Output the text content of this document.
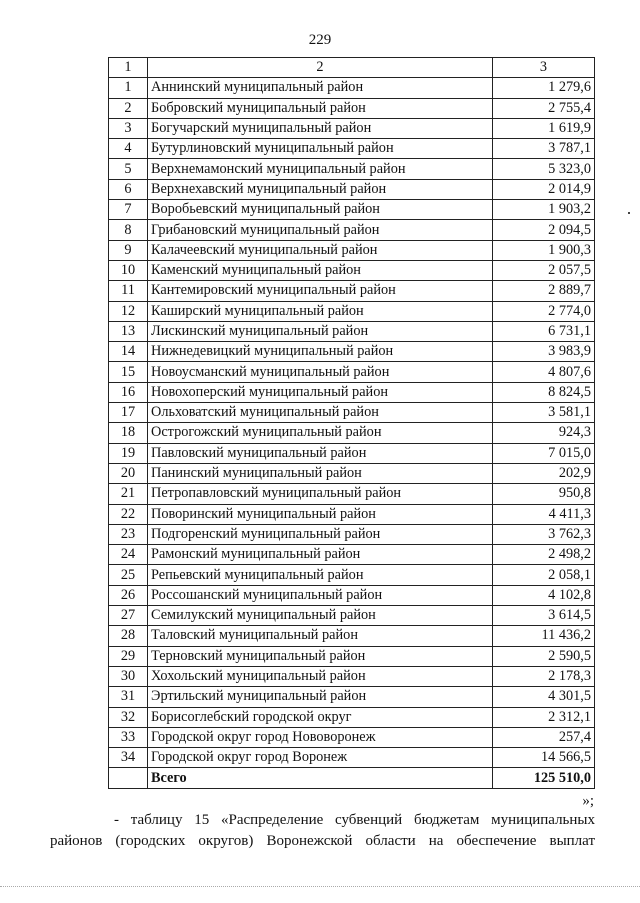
229
1	2	3
1	Аннинский муниципальный район	1 279,6
2	Бобровский муниципальный район	2 755,4
3	Богучарский муниципальный район	1 619,9
4	Бутурлиновский муниципальный район	3 787,1
5	Верхнемамонский муниципальный район	5 323,0
6	Верхнехавский муниципальный район	2 014,9
7	Воробьевский муниципальный район	1 903,2
8	Грибановский муниципальный район	2 094,5
9	Калачеевский муниципальный район	1 900,3
10	Каменский муниципальный район	2 057,5
11	Кантемировский муниципальный район	2 889,7
12	Каширский муниципальный район	2 774,0
13	Лискинский муниципальный район	6 731,1
14	Нижнедевицкий муниципальный район	3 983,9
15	Новоусманский муниципальный район	4 807,6
16	Новохоперский муниципальный район	8 824,5
17	Ольховатский муниципальный район	3 581,1
18	Острогожский муниципальный район	924,3
19	Павловский муниципальный район	7 015,0
20	Панинский муниципальный район	202,9
21	Петропавловский муниципальный район	950,8
22	Поворинский муниципальный район	4 411,3
23	Подгоренский муниципальный район	3 762,3
24	Рамонский муниципальный район	2 498,2
25	Репьевский муниципальный район	2 058,1
26	Россошанский муниципальный район	4 102,8
27	Семилукский муниципальный район	3 614,5
28	Таловский муниципальный район	11 436,2
29	Терновский муниципальный район	2 590,5
30	Хохольский муниципальный район	2 178,3
31	Эртильский муниципальный район	4 301,5
32	Борисоглебский городской округ	2 312,1
33	Городской округ город Нововоронеж	257,4
34	Городской округ город Воронеж	14 566,5
	Всего	125 510,0
»;
- таблицу 15 «Распределение субвенций бюджетам муниципальных
районов (городских округов) Воронежской области на обеспечение выплат
